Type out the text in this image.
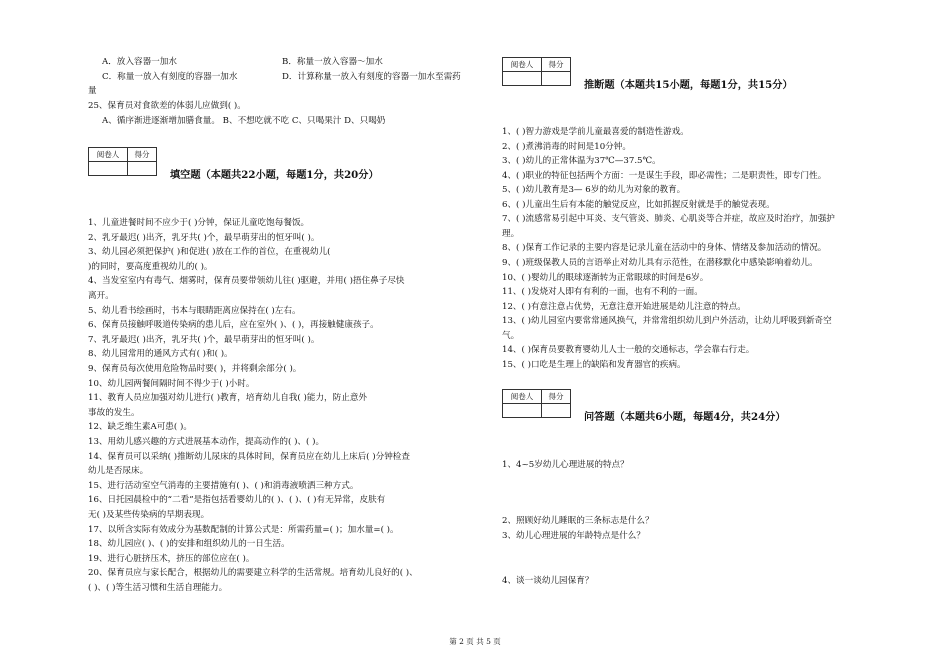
A．放入容器一加水	B．称量一放入容器～加水
C．称量一放入有刻度的容器一加水	D．计算称量一放入有刻度的容器一加水至需药
量
25、保育员对食欲差的体弱儿应做到( )。
A、循序渐进逐渐增加膳食量。 B、不想吃就不吃 C、只喝果汁 D、只喝奶
阅卷人	得分

填空题（本题共22小题，每题1分，共20分）
1、儿童进餐时间不应少于( )分钟，保证儿童吃饱每餐饭。
2、乳牙最迟( )出齐，乳牙共( )个，最早萌芽出的恒牙叫( )。
3、幼儿园必须把保护( )和促进( )放在工作的首位，在重视幼儿(
)的同时，要高度重视幼儿的( )。
4、当发室室内有毒气、烟雾时，保育员要带领幼儿往( )驱避，并用( )捂住鼻子尽快
离开。
5、幼儿看书绘画时，书本与眼睛距离应保持在( )左右。
6、保育员接触呼吸道传染病的患儿后，应在室外( )、( )，再接触健康孩子。
7、乳牙最迟( )出齐，乳牙共( )个，最早萌芽出的恒牙叫( )。
8、幼儿园常用的通风方式有( )和( )。
9、保育员每次使用危险物品时要( )，并将剩余部分( )。
10、幼儿园两餐间隔时间不得少于( )小时。
11、教育人员应加强对幼儿进行( )教育，培育幼儿自我( )能力，防止意外
事故的发生。
12、缺乏维生素A可患( )。
13、用幼儿感兴趣的方式进展基本动作，提高动作的( )、( )。
14、保育员可以采纳( )推断幼儿尿床的具体时间，保育员应在幼儿上床后( )分钟检查
幼儿是否尿床。
15、进行活动室空气消毒的主要措施有( )、( )和消毒液喷洒三种方式。
16、日托园晨检中的“二看”是指包括看婴幼儿的( )、( )、( )有无异常，皮肤有
无( )及某些传染病的早期表现。
17、以所含实际有效成分为基数配制的计算公式是：所需药量=( )；加水量=( )。
18、幼儿园应( )、( )的安排和组织幼儿的一日生活。
19、进行心脏挤压术，挤压的部位应在( )。
20、保育员应与家长配合，根据幼儿的需要建立科学的生活常规。培育幼儿良好的( )、
( )、( )等生活习惯和生活自理能力。
阅卷人	得分

推断题（本题共15小题，每题1分，共15分）
1、( )智力游戏是学前儿童最喜爱的制造性游戏。
2、( )煮沸消毒的时间是10分钟。
3、( )幼儿的正常体温为37℃—37.5℃。
4、( )职业的特征包括两个方面：一是谋生手段，即必需性；二是职责性，即专门性。
5、( )幼儿教育是3— 6岁的幼儿为对象的教育。
6、( )儿童出生后有本能的触觉反应，比如抓握反射就是手的触觉表现。
7、( )流感常易引起中耳炎、支气管炎、肺炎、心肌炎等合并症，故应及时治疗，加强护
理。
8、( )保育工作记录的主要内容是记录儿童在活动中的身体、情绪及参加活动的情况。
9、( )班级保教人员的言语举止对幼儿具有示范性，在潜移默化中感染影响着幼儿。
10、( )婴幼儿的眼球逐渐转为正常眼球的时间是6岁。
11、( )发烧对人即有有利的一面，也有不利的一面。
12、( )有意注意占优势，无意注意开始进展是幼儿注意的特点。
13、( )幼儿园室内要常常通风换气，并常常组织幼儿到户外活动，让幼儿呼吸到新奇空
气。
14、( )保育员要教育婴幼儿人士一般的交通标志，学会靠右行走。
15、( )口吃是生理上的缺陷和发育器官的疾病。
阅卷人	得分

问答题（本题共6小题，每题4分，共24分）
1、4~5岁幼儿心理进展的特点？
2、照顾好幼儿睡眠的三条标志是什么？
3、幼儿心理进展的年龄特点是什么？
4、谈一谈幼儿园保育？
第 2 页 共 5 页
